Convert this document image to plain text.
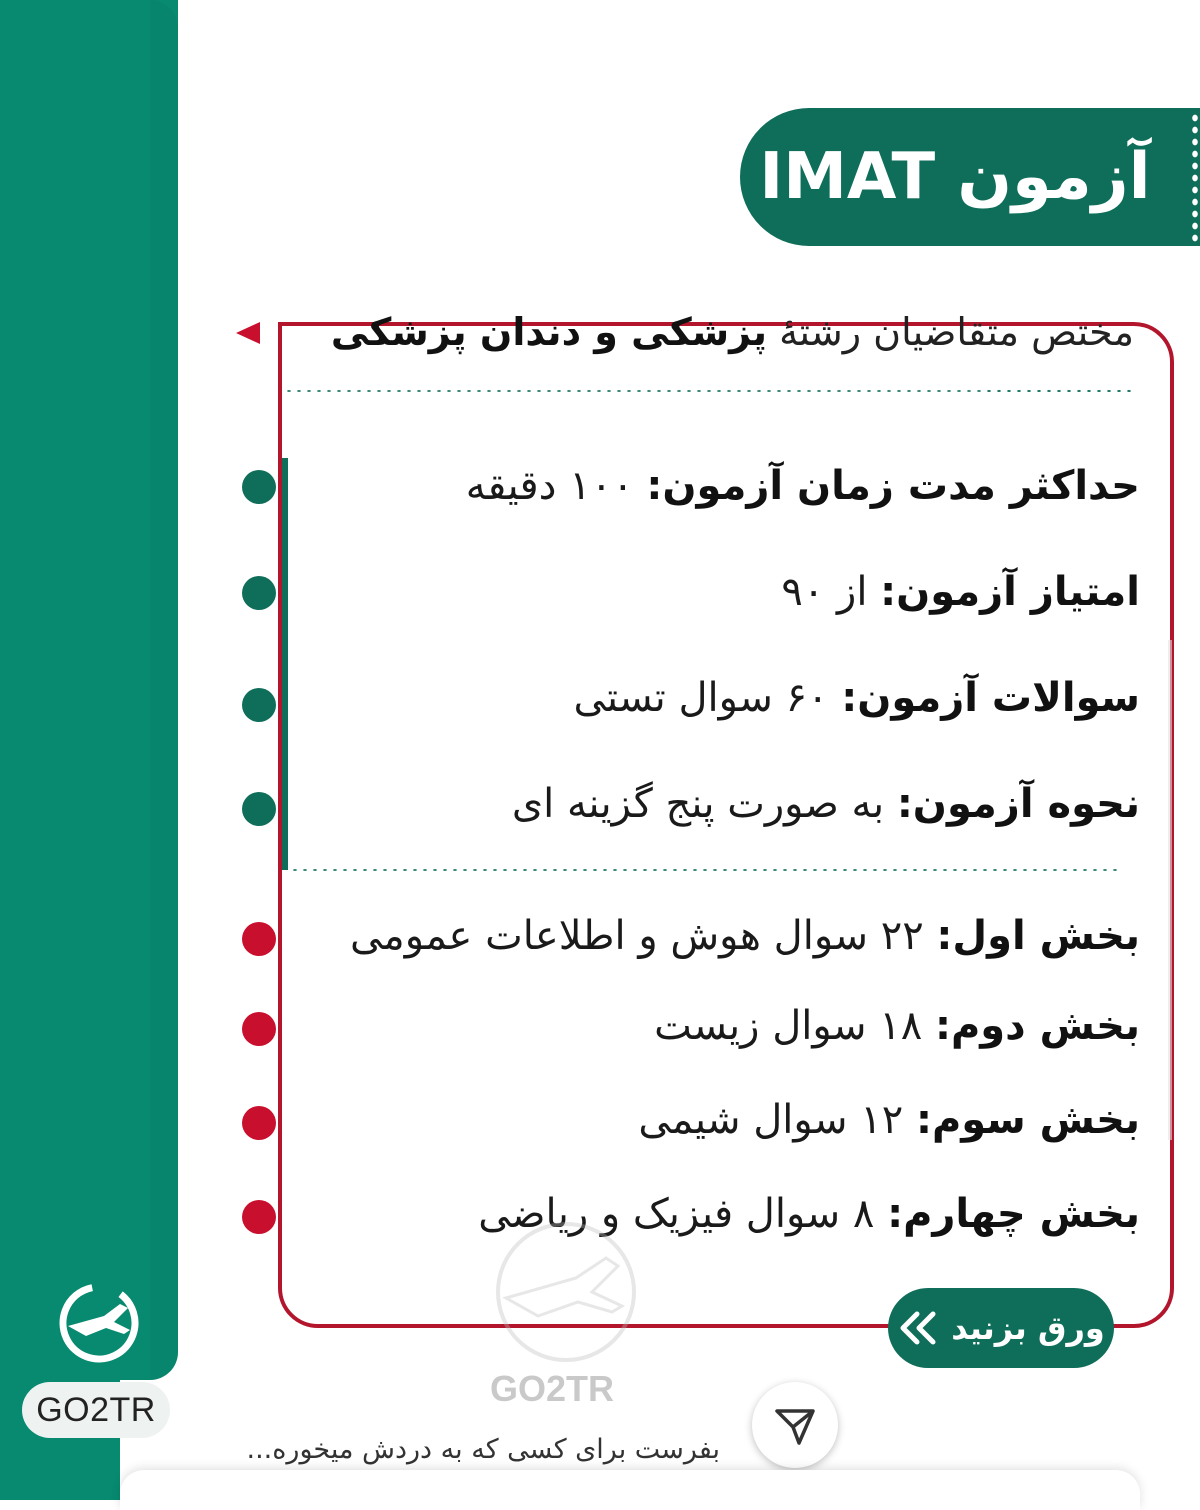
GO2TR
آزمون IMAT
مختص متقاضیان رشتهٔ پزشکی و دندان پزشکی
حداکثر مدت زمان آزمون: ۱۰۰ دقیقه
امتیاز آزمون: از ۹۰
سوالات آزمون: ۶۰ سوال تستی
نحوه آزمون: به صورت پنج گزینه ای
بخش اول: ۲۲ سوال هوش و اطلاعات عمومی
بخش دوم: ۱۸ سوال زیست
بخش سوم: ۱۲ سوال شیمی
بخش چهارم: ۸ سوال فیزیک و ریاضی
GO2TR
ورق بزنید
بفرست برای کسی که به دردش میخوره...
